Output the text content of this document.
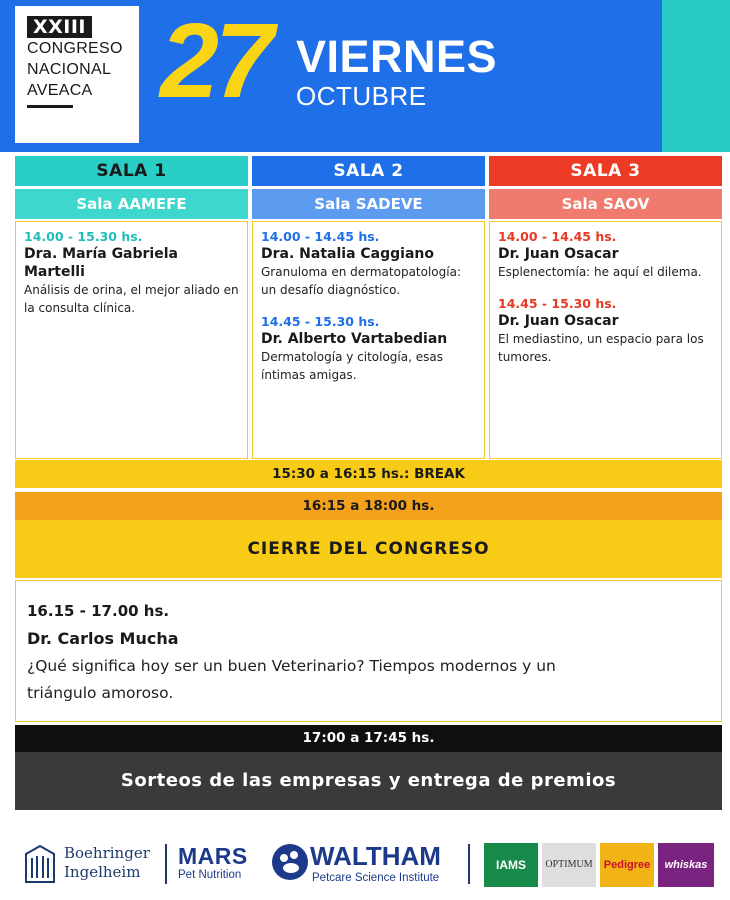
XXIII
CONGRESO
NACIONAL
AVEACA 27 VIERNES
OCTUBRE
SALA 1	SALA 2	SALA 3
Sala AAMEFE	Sala SADEVE	Sala SAOV
14.00 - 15.30 hs.
Dra. María Gabriela Martelli
Análisis de orina, el mejor aliado en la consulta clínica.
14.00 - 14.45 hs.
Dra. Natalia Caggiano
Granuloma en dermatopatología: un desafío diagnóstico.
14.45 - 15.30 hs.
Dr. Alberto Vartabedian
Dermatología y citología, esas íntimas amigas.
14.00 - 14.45 hs.
Dr. Juan Osacar
Esplenectomía: he aquí el dilema.
14.45 - 15.30 hs.
Dr. Juan Osacar
El mediastino, un espacio para los tumores.
15:30 a 16:15 hs.: BREAK
16:15 a 18:00 hs.
CIERRE DEL CONGRESO
16.15 - 17.00 hs.
Dr. Carlos Mucha
¿Qué significa hoy ser un buen Veterinario? Tiempos modernos y un triángulo amoroso.
17:00 a 17:45 hs.
Sorteos de las empresas y entrega de premios
Boehringer
Ingelheim
MARS
Pet Nutrition
WALTHAM
Petcare Science Institute
IAMS	OPTIMUM	Pedigree	whiskas
